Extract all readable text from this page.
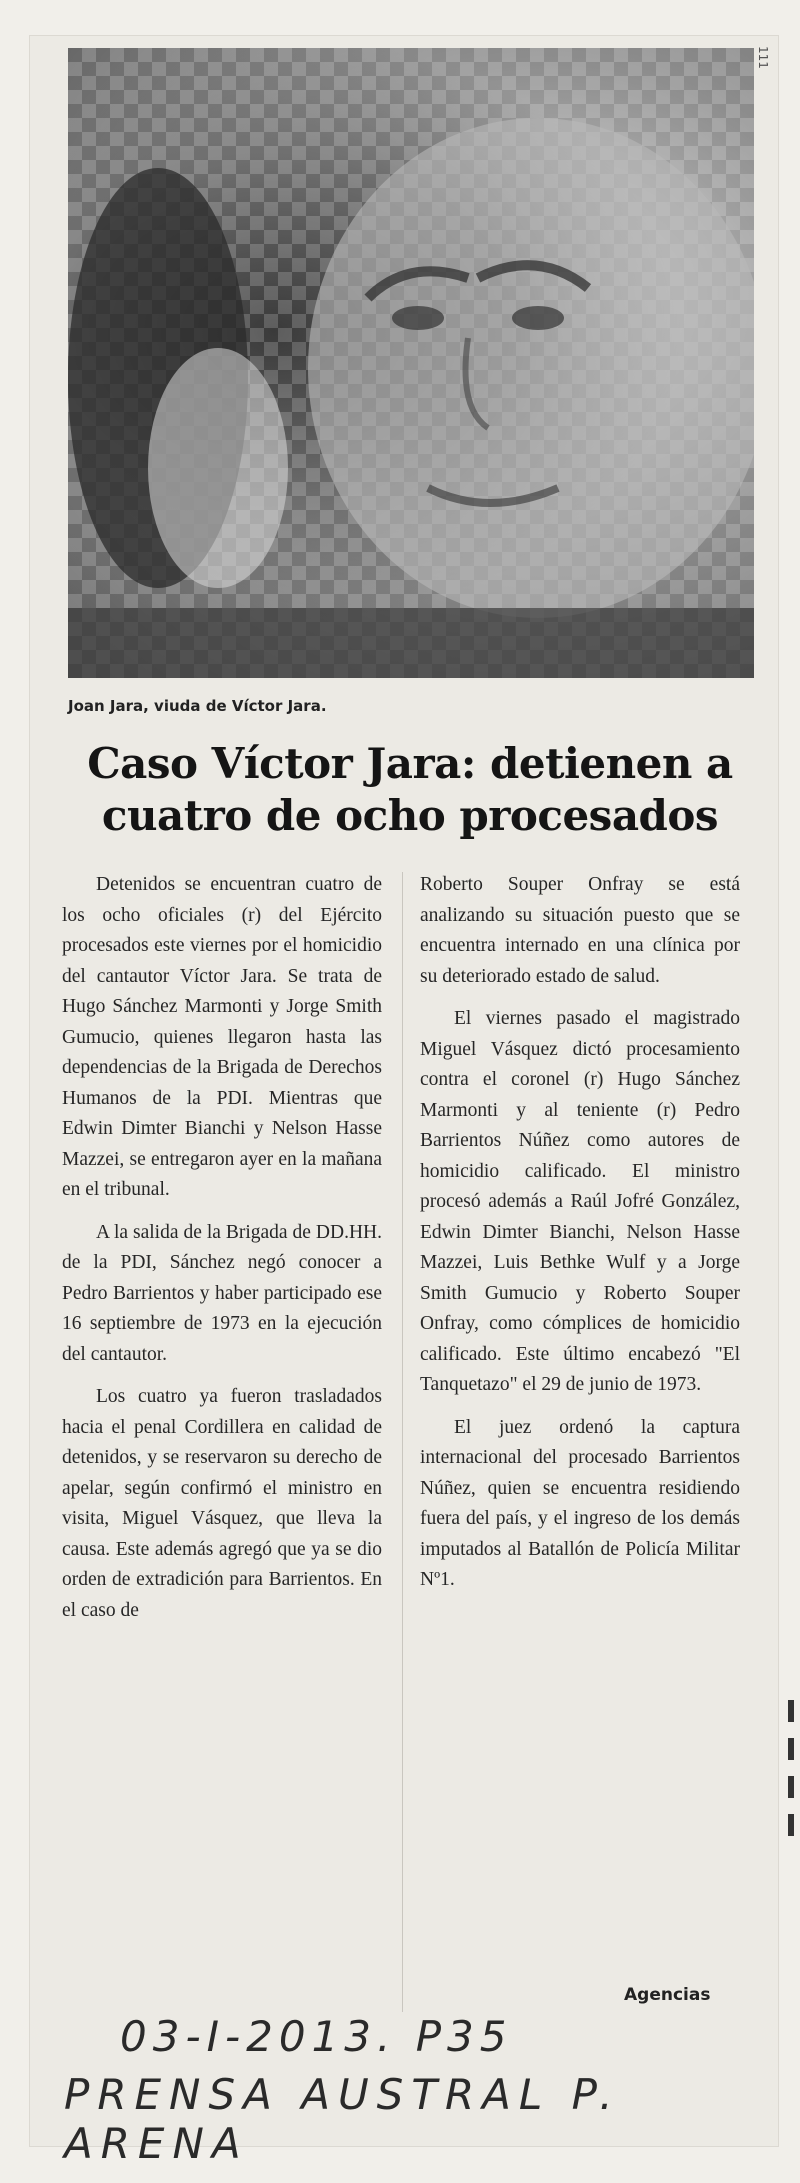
111
Joan Jara, viuda de Víctor Jara.
Caso Víctor Jara: detienen a cuatro de ocho procesados

Detenidos se encuentran cuatro de los ocho oficiales (r) del Ejército procesados este viernes por el homicidio del cantautor Víctor Jara. Se trata de Hugo Sánchez Marmonti y Jorge Smith Gumucio, quienes llegaron hasta las dependencias de la Brigada de Derechos Humanos de la PDI. Mientras que Edwin Dimter Bianchi y Nelson Hasse Mazzei, se entregaron ayer en la mañana en el tribunal.

A la salida de la Brigada de DD.HH. de la PDI, Sánchez negó conocer a Pedro Barrientos y haber participado ese 16 septiembre de 1973 en la ejecución del cantautor.

Los cuatro ya fueron trasladados hacia el penal Cordillera en calidad de detenidos, y se reservaron su derecho de apelar, según confirmó el ministro en visita, Miguel Vásquez, que lleva la causa. Este además agregó que ya se dio orden de extradición para Barrientos. En el caso de

Roberto Souper Onfray se está analizando su situación puesto que se encuentra internado en una clínica por su deteriorado estado de salud.

El viernes pasado el magistrado Miguel Vásquez dictó procesamiento contra el coronel (r) Hugo Sánchez Marmonti y al teniente (r) Pedro Barrientos Núñez como autores de homicidio calificado. El ministro procesó además a Raúl Jofré González, Edwin Dimter Bianchi, Nelson Hasse Mazzei, Luis Bethke Wulf y a Jorge Smith Gumucio y Roberto Souper Onfray, como cómplices de homicidio calificado. Este último encabezó "El Tanquetazo" el 29 de junio de 1973.

El juez ordenó la captura internacional del procesado Barrientos Núñez, quien se encuentra residiendo fuera del país, y el ingreso de los demás imputados al Batallón de Policía Militar Nº1.

Agencias
03-I-2013. P35
PRENSA AUSTRAL P. ARENA
